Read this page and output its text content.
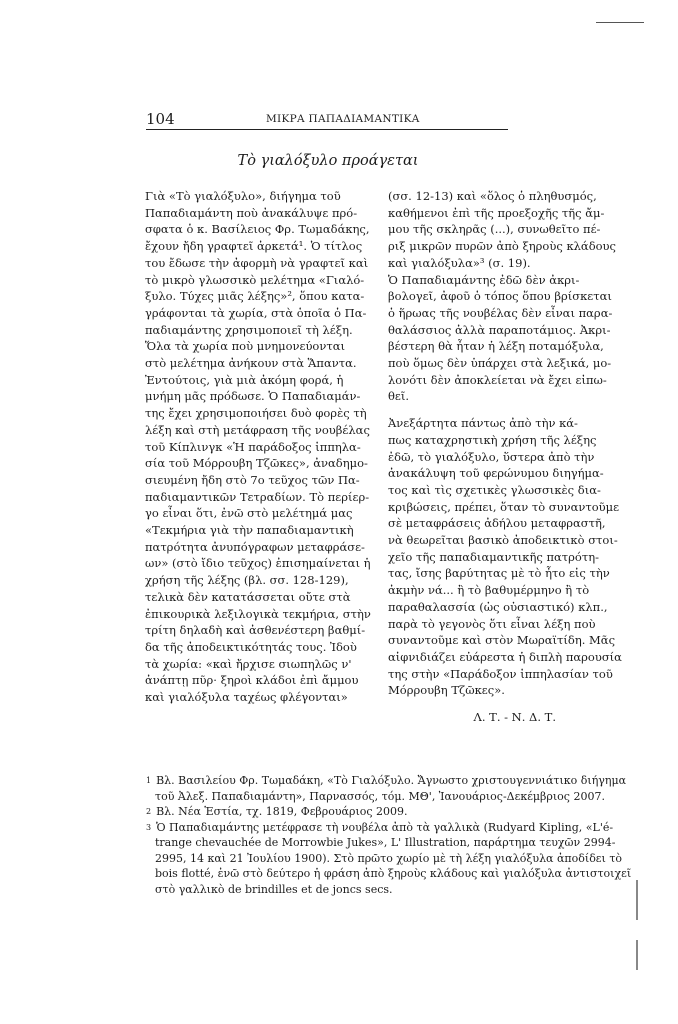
104	ΜΙΚΡΑ ΠΑΠΑΔΙΑΜΑΝΤΙΚΑ
Τὸ γιαλόξυλο προάγεται

Γιὰ «Τὸ γιαλόξυλο», διήγημα τοῦ

Παπαδιαμάντη ποὺ ἀνακάλυψε πρό-

σφατα ὁ κ. Βασίλειος Φρ. Τωμαδάκης,

ἔχουν ἤδη γραφτεῖ ἀρκετά¹. Ὁ τίτλος

του ἔδωσε τὴν ἀφορμὴ νὰ γραφτεῖ καὶ

τὸ μικρὸ γλωσσικὸ μελέτημα «Γιαλό-

ξυλο. Τύχες μιᾶς λέξης»², ὅπου κατα-

γράφονται τὰ χωρία, στὰ ὁποῖα ὁ Πα-

παδιαμάντης χρησιμοποιεῖ τὴ λέξη.

Ὅλα τὰ χωρία ποὺ μνημονεύονται

στὸ μελέτημα ἀνήκουν στὰ Ἅπαντα.

Ἐντούτοις, γιὰ μιὰ ἀκόμη φορά, ἡ

μνήμη μᾶς πρόδωσε. Ὁ Παπαδιαμάν-

της ἔχει χρησιμοποιήσει δυὸ φορὲς τὴ

λέξη καὶ στὴ μετάφραση τῆς νουβέλας

τοῦ Κίπλινγκ «Ἡ παράδοξος ἱππηλα-

σία τοῦ Μόρρουβη Τζῶκες», ἀναδημο-

σιευμένη ἤδη στὸ 7ο τεῦχος τῶν Πα-

παδιαμαντικῶν Τετραδίων. Τὸ περίερ-

γο εἶναι ὅτι, ἐνῶ στὸ μελέτημά μας

«Τεκμήρια γιὰ τὴν παπαδιαμαντικὴ

πατρότητα ἀνυπόγραφων μεταφράσε-

ων» (στὸ ἴδιο τεῦχος) ἐπισημαίνεται ἡ

χρήση τῆς λέξης (βλ. σσ. 128-129),

τελικὰ δὲν κατατάσσεται οὔτε στὰ

ἐπικουρικὰ λεξιλογικὰ τεκμήρια, στὴν

τρίτη δηλαδὴ καὶ ἀσθενέστερη βαθμί-

δα τῆς ἀποδεικτικότητάς τους. Ἰδοὺ

τὰ χωρία: «καὶ ἤρχισε σιωπηλῶς ν'

ἀνάπτῃ πῦρ· ξηροὶ κλάδοι ἐπὶ ἄμμου

καὶ γιαλόξυλα ταχέως φλέγονται»

(σσ. 12-13) καὶ «ὅλος ὁ πληθυσμός,

καθήμενοι ἐπὶ τῆς προεξοχῆς τῆς ἄμ-

μου τῆς σκληρᾶς (...), συνωθεῖτο πέ-

ριξ μικρῶν πυρῶν ἀπὸ ξηροὺς κλάδους

καὶ γιαλόξυλα»³ (σ. 19).

Ὁ Παπαδιαμάντης ἐδῶ δὲν ἀκρι-

βολογεῖ, ἀφοῦ ὁ τόπος ὅπου βρίσκεται

ὁ ἥρωας τῆς νουβέλας δὲν εἶναι παρα-

θαλάσσιος ἀλλὰ παραποτάμιος. Ἀκρι-

βέστερη θὰ ἦταν ἡ λέξη ποταμόξυλα,

ποὺ ὅμως δὲν ὑπάρχει στὰ λεξικά, μο-

λονότι δὲν ἀποκλείεται νὰ ἔχει εἰπω-

θεῖ.

Ἀνεξάρτητα πάντως ἀπὸ τὴν κά-

πως καταχρηστικὴ χρήση τῆς λέξης

ἐδῶ, τὸ γιαλόξυλο, ὕστερα ἀπὸ τὴν

ἀνακάλυψη τοῦ φερώνυμου διηγήμα-

τος καὶ τὶς σχετικὲς γλωσσικὲς δια-

κριβώσεις, πρέπει, ὅταν τὸ συναντοῦμε

σὲ μεταφράσεις ἀδήλου μεταφραστῆ,

νὰ θεωρεῖται βασικὸ ἀποδεικτικὸ στοι-

χεῖο τῆς παπαδιαμαντικῆς πατρότη-

τας, ἴσης βαρύτητας μὲ τὸ ἦτο εἰς τὴν

ἀκμὴν νά... ἢ τὸ βαθυμέρμηνο ἢ τὸ

παραθαλασσία (ὡς οὐσιαστικό) κλπ.,

παρὰ τὸ γεγονὸς ὅτι εἶναι λέξη ποὺ

συναντοῦμε καὶ στὸν Μωραϊτίδη. Μᾶς

αἰφνιδιάζει εὐάρεστα ἡ διπλὴ παρουσία

της στὴν «Παράδοξον ἱππηλασίαν τοῦ

Μόρρουβη Τζῶκες».

Λ. Τ. - Ν. Δ. Τ.

$^1$ Βλ. Βασιλείου Φρ. Τωμαδάκη, «Τὸ Γιαλόξυλο. Ἄγνωστο χριστουγεννιάτικο διήγημα

τοῦ Ἀλεξ. Παπαδιαμάντη», Παρνασσός, τόμ. ΜΘ', Ἰανουάριος-Δεκέμβριος 2007.

$^2$ Βλ. Νέα Ἑστία, τχ. 1819, Φεβρουάριος 2009.

$^3$ Ὁ Παπαδιαμάντης μετέφρασε τὴ νουβέλα ἀπὸ τὰ γαλλικὰ (Rudyard Kipling, «L'é-

trange chevauchée de Morrowbie Jukes», L' Illustration, παράρτημα τευχῶν 2994-

2995, 14 καὶ 21 Ἰουλίου 1900). Στὸ πρῶτο χωρίο μὲ τὴ λέξη γιαλόξυλα ἀποδίδει τὸ

bois flotté, ἐνῶ στὸ δεύτερο ἡ φράση ἀπὸ ξηροὺς κλάδους καὶ γιαλόξυλα ἀντιστοιχεῖ

στὸ γαλλικὸ de brindilles et de joncs secs.
